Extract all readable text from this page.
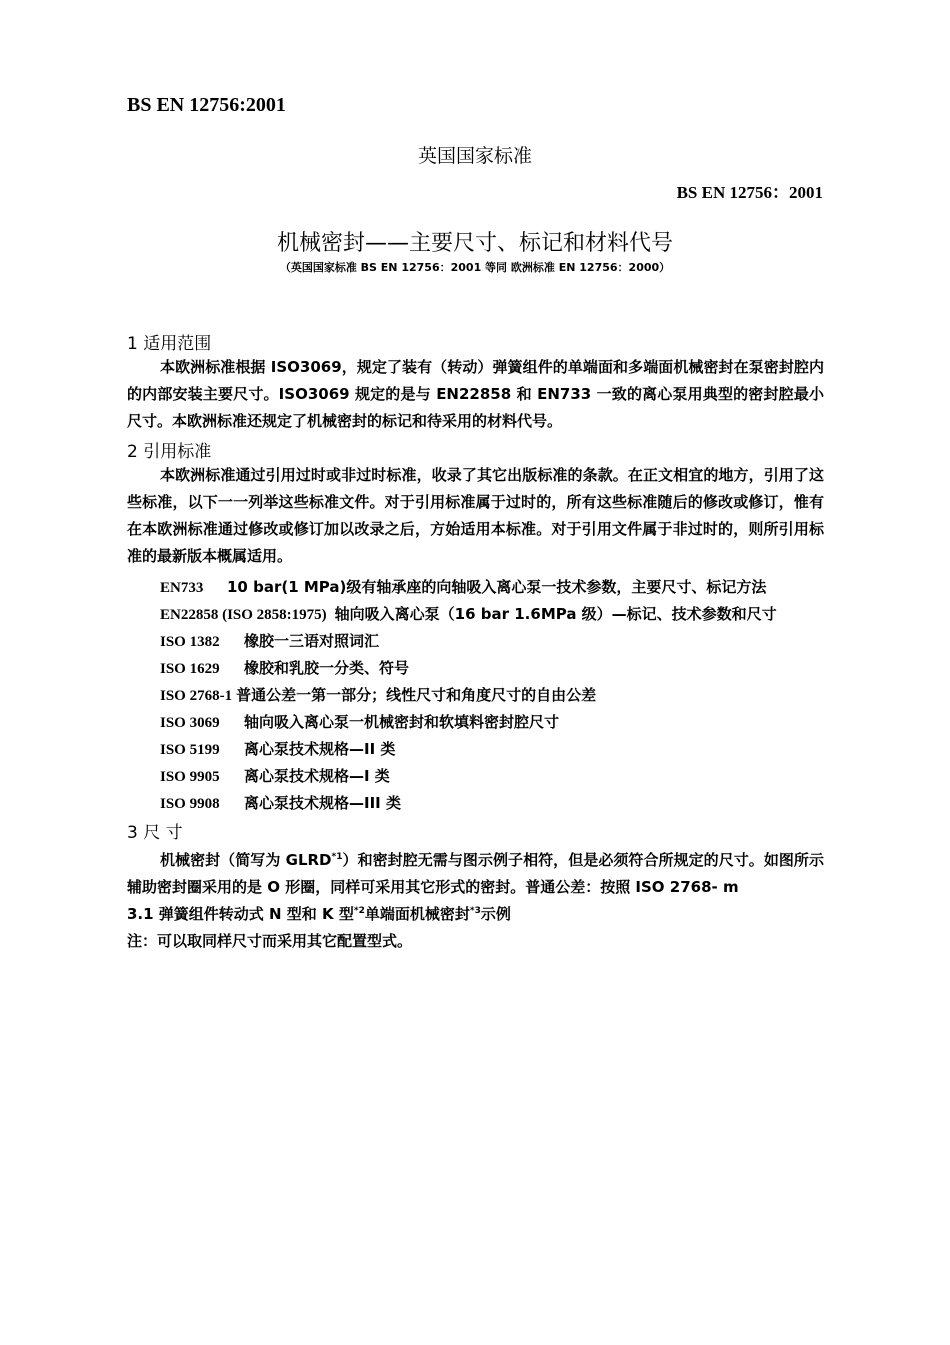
BS EN 12756:2001
英国国家标准
BS EN 12756：2001
机械密封——主要尺寸、标记和材料代号
（英国国家标准 BS EN 12756：2001 等同 欧洲标准 EN 12756：2000）
1 适用范围
本欧洲标准根据 ISO3069，规定了装有（转动）弹簧组件的单端面和多端面机械密封在泵密封腔内的内部安装主要尺寸。ISO3069 规定的是与 EN22858 和 EN733 一致的离心泵用典型的密封腔最小尺寸。本欧洲标准还规定了机械密封的标记和待采用的材料代号。
2 引用标准
本欧洲标准通过引用过时或非过时标准，收录了其它出版标准的条款。在正文相宜的地方，引用了这些标准，以下一一列举这些标准文件。对于引用标准属于过时的，所有这些标准随后的修改或修订，惟有在本欧洲标准通过修改或修订加以改录之后，方始适用本标准。对于引用文件属于非过时的，则所引用标准的最新版本概属适用。
EN733 10 bar(1 MPa)级有轴承座的向轴吸入离心泵一技术参数，主要尺寸、标记方法
EN22858 (ISO 2858:1975) 轴向吸入离心泵（16 bar 1.6MPa 级）—标记、技术参数和尺寸
ISO 1382 橡胶一三语对照词汇
ISO 1629 橡胶和乳胶一分类、符号
ISO 2768-1 普通公差一第一部分；线性尺寸和角度尺寸的自由公差
ISO 3069 轴向吸入离心泵一机械密封和软填料密封腔尺寸
ISO 5199 离心泵技术规格—II 类
ISO 9905 离心泵技术规格—I 类
ISO 9908 离心泵技术规格—III 类
3 尺 寸
机械密封（简写为 GLRD$^{*1}$）和密封腔无需与图示例子相符，但是必须符合所规定的尺寸。如图所示辅助密封圈采用的是 O 形圈，同样可采用其它形式的密封。普通公差：按照 ISO 2768- m
3.1 弹簧组件转动式 N 型和 K 型$^{*2}$单端面机械密封$^{*3}$示例
注：可以取同样尺寸而采用其它配置型式。
